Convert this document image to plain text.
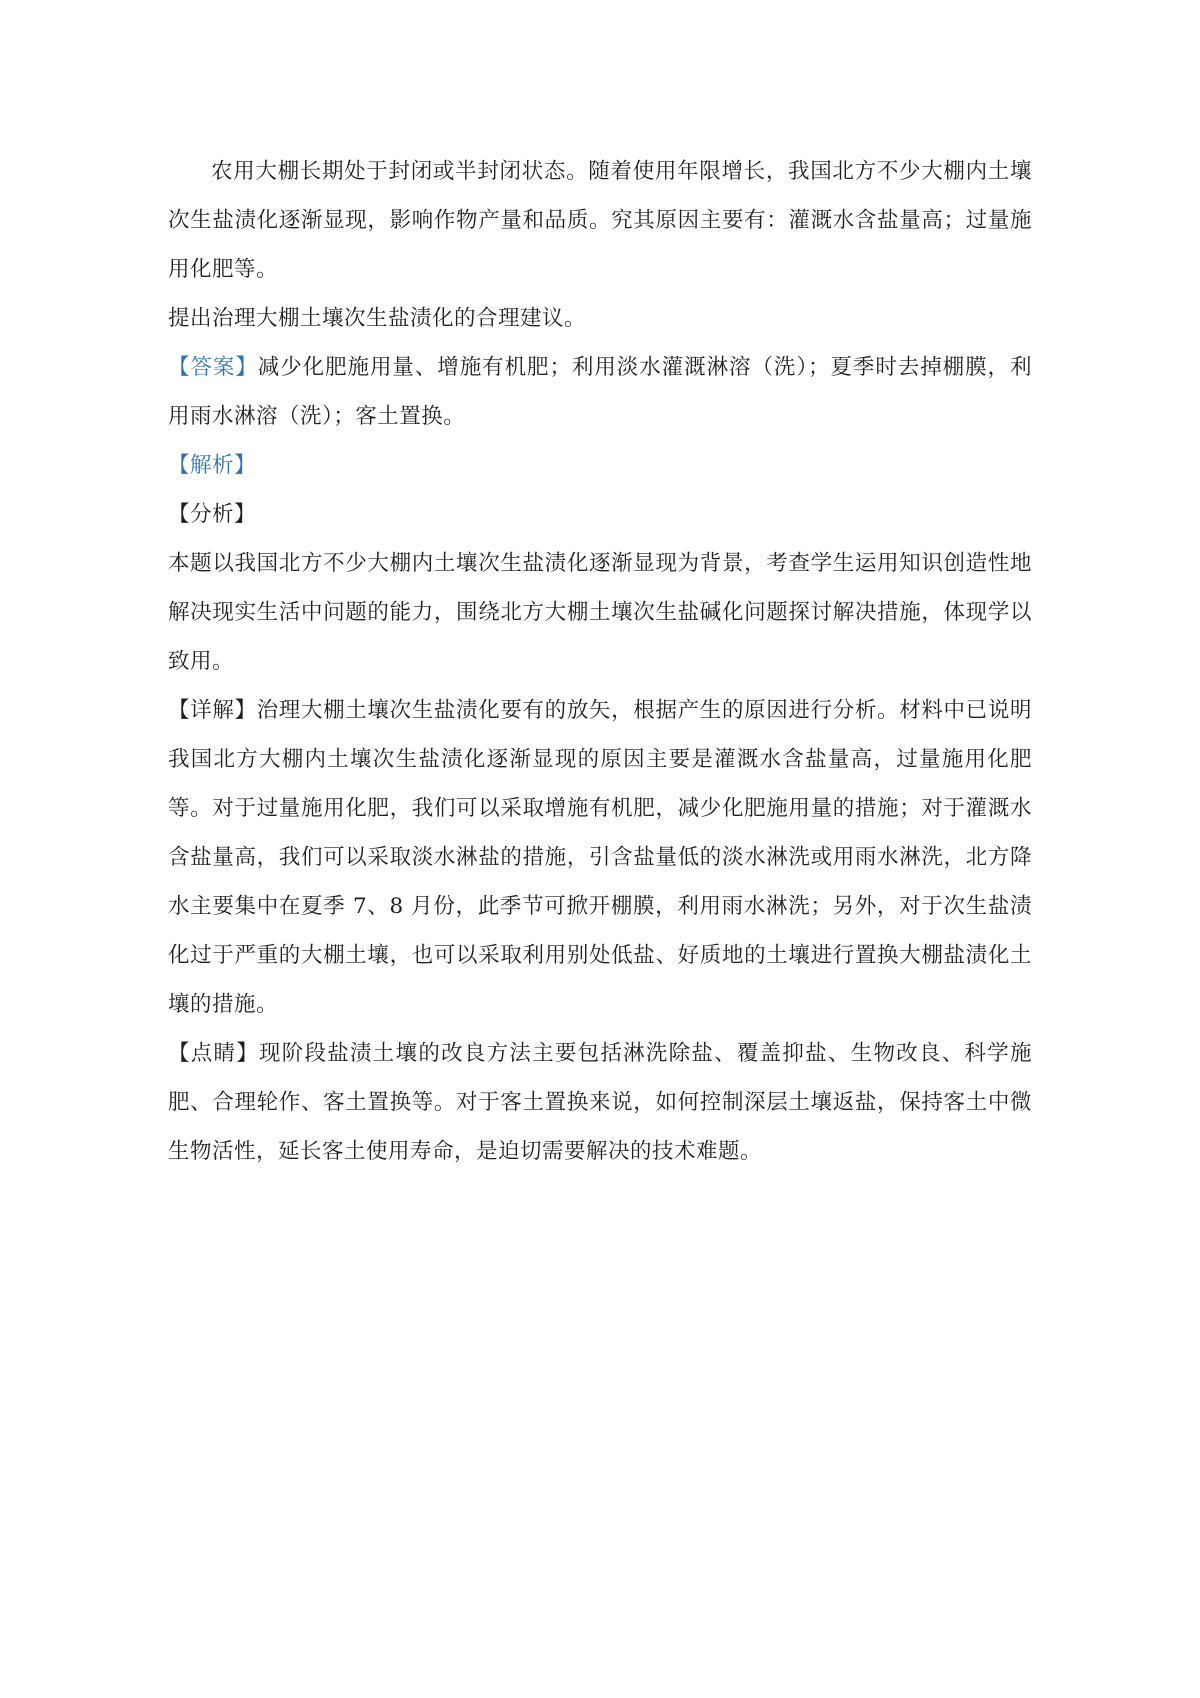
农用大棚长期处于封闭或半封闭状态。随着使用年限增长，我国北方不少大棚内土壤次生盐渍化逐渐显现，影响作物产量和品质。究其原因主要有：灌溉水含盐量高；过量施用化肥等。

提出治理大棚土壤次生盐渍化的合理建议。

【答案】减少化肥施用量、增施有机肥；利用淡水灌溉淋溶（洗）；夏季时去掉棚膜，利用雨水淋溶（洗）；客土置换。

【解析】

【分析】

本题以我国北方不少大棚内土壤次生盐渍化逐渐显现为背景，考查学生运用知识创造性地解决现实生活中问题的能力，围绕北方大棚土壤次生盐碱化问题探讨解决措施，体现学以致用。

【详解】治理大棚土壤次生盐渍化要有的放矢，根据产生的原因进行分析。材料中已说明我国北方大棚内土壤次生盐渍化逐渐显现的原因主要是灌溉水含盐量高，过量施用化肥等。对于过量施用化肥，我们可以采取增施有机肥，减少化肥施用量的措施；对于灌溉水含盐量高，我们可以采取淡水淋盐的措施，引含盐量低的淡水淋洗或用雨水淋洗，北方降水主要集中在夏季 7、8 月份，此季节可掀开棚膜，利用雨水淋洗；另外，对于次生盐渍化过于严重的大棚土壤，也可以采取利用别处低盐、好质地的土壤进行置换大棚盐渍化土壤的措施。

【点睛】现阶段盐渍土壤的改良方法主要包括淋洗除盐、覆盖抑盐、生物改良、科学施肥、合理轮作、客土置换等。对于客土置换来说，如何控制深层土壤返盐，保持客土中微生物活性，延长客土使用寿命，是迫切需要解决的技术难题。
